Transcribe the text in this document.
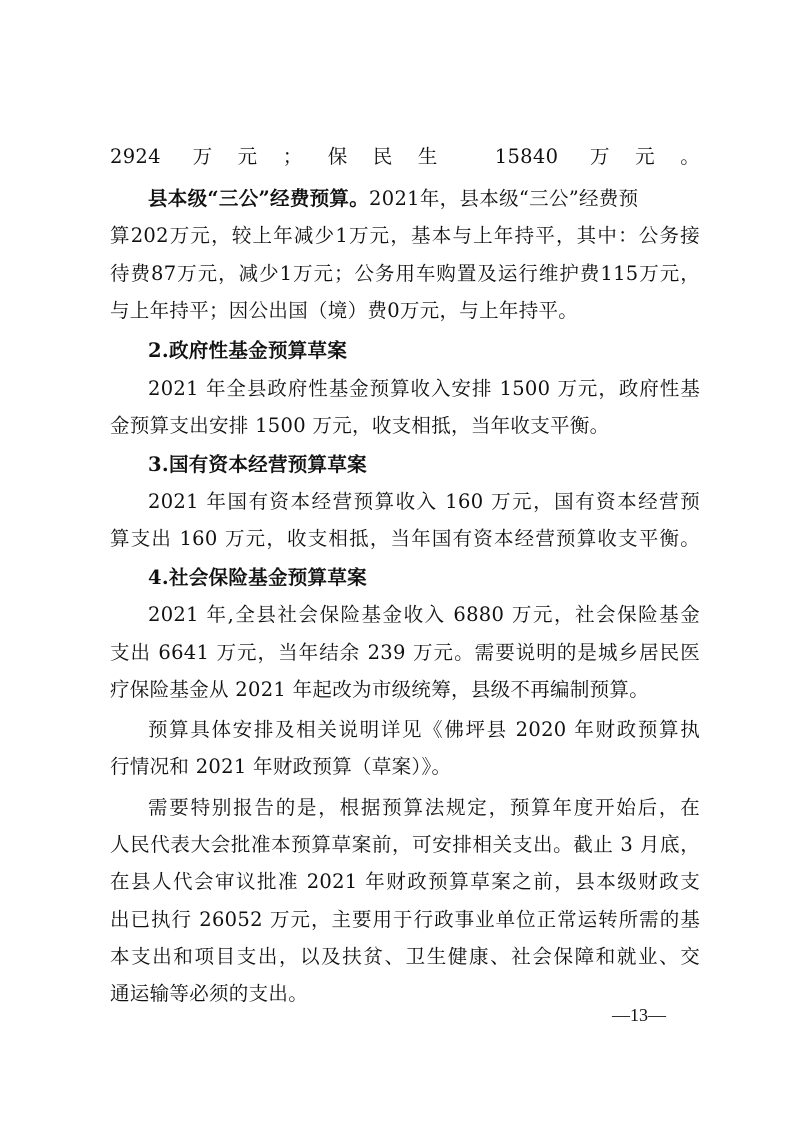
2924 万元；保民生 15840 万元。
县本级“三公”经费预算。2021年，县本级“三公”经费预
算202万元，较上年减少1万元，基本与上年持平，其中：公务接
待费87万元，减少1万元；公务用车购置及运行维护费115万元，
与上年持平；因公出国（境）费0万元，与上年持平。
2.政府性基金预算草案
2021 年全县政府性基金预算收入安排 1500 万元，政府性基
金预算支出安排 1500 万元，收支相抵，当年收支平衡。
3.国有资本经营预算草案
2021 年国有资本经营预算收入 160 万元，国有资本经营预
算支出 160 万元，收支相抵，当年国有资本经营预算收支平衡。
4.社会保险基金预算草案
2021 年,全县社会保险基金收入 6880 万元，社会保险基金
支出 6641 万元，当年结余 239 万元。需要说明的是城乡居民医
疗保险基金从 2021 年起改为市级统筹，县级不再编制预算。
预算具体安排及相关说明详见《佛坪县 2020 年财政预算执
行情况和 2021 年财政预算（草案）》。
需要特别报告的是，根据预算法规定，预算年度开始后，在
人民代表大会批准本预算草案前，可安排相关支出。截止 3 月底，
在县人代会审议批准 2021 年财政预算草案之前，县本级财政支
出已执行 26052 万元，主要用于行政事业单位正常运转所需的基
本支出和项目支出，以及扶贫、卫生健康、社会保障和就业、交
通运输等必须的支出。
—13—
